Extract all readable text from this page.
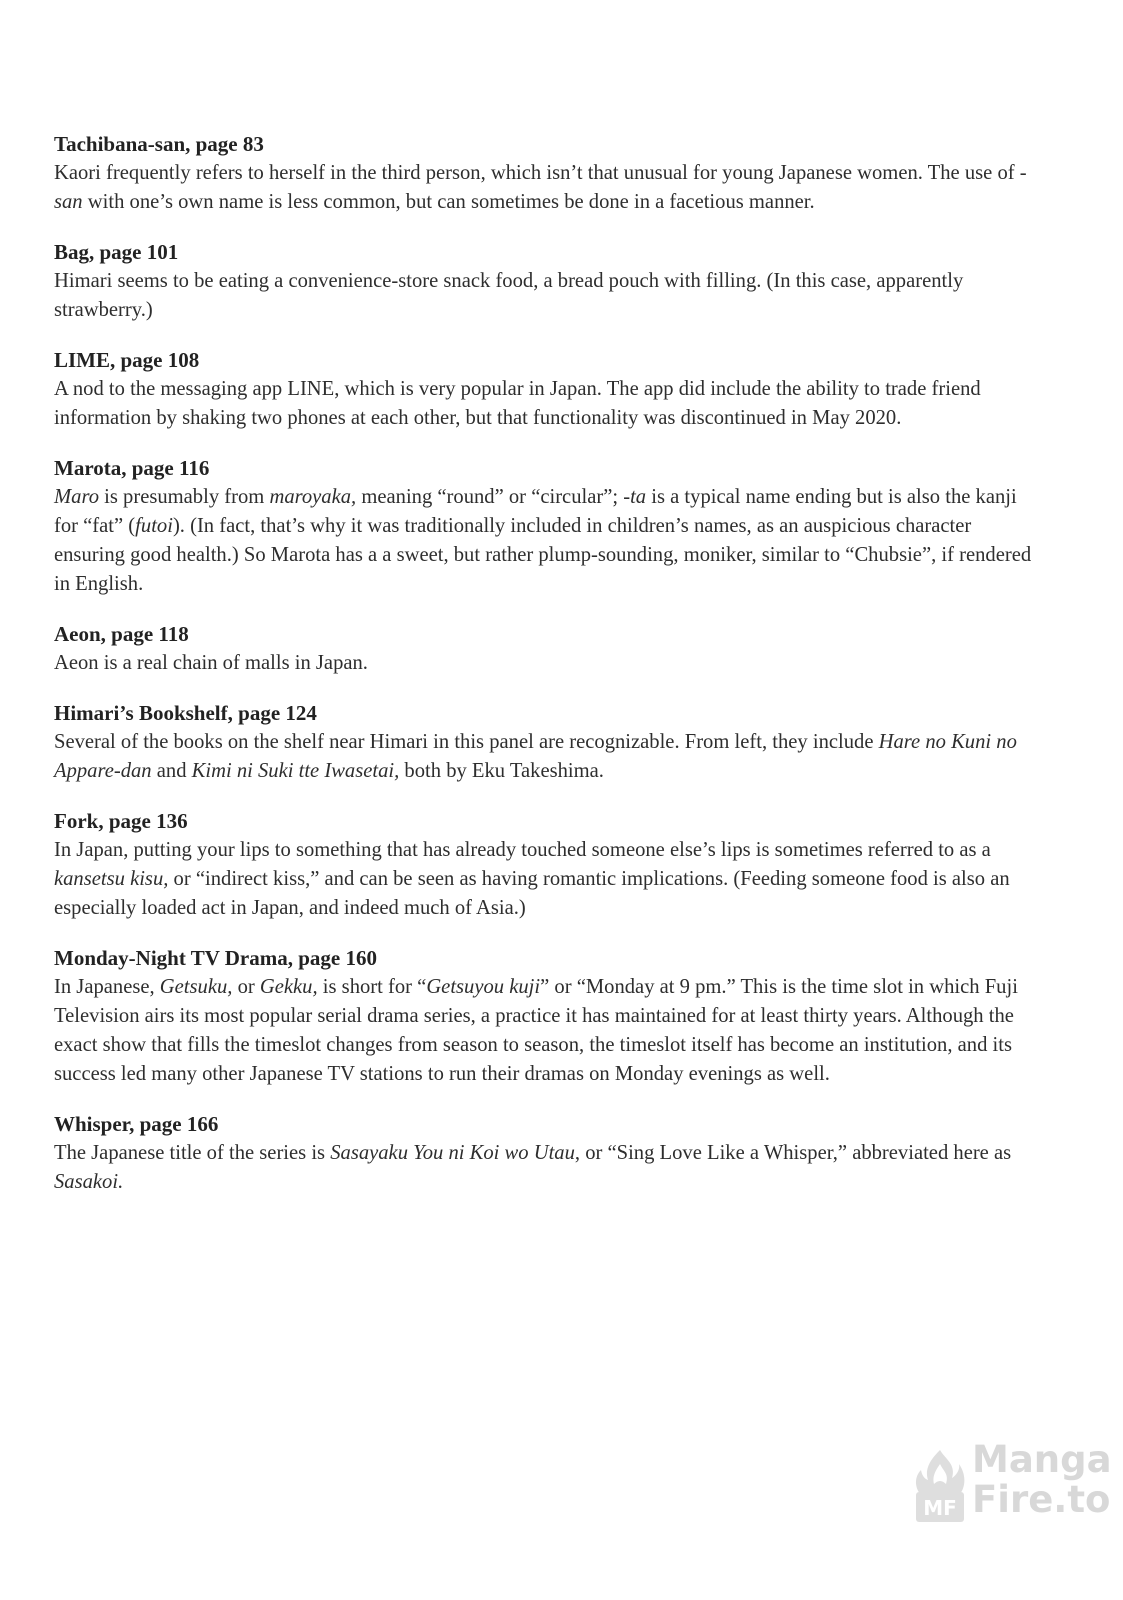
Tachibana-san, page 83

Kaori frequently refers to herself in the third person, which isn’t that unusual for young Japanese women. The use of -san with one’s own name is less common, but can sometimes be done in a facetious manner.

Bag, page 101

Himari seems to be eating a convenience-store snack food, a bread pouch with filling. (In this case, apparently strawberry.)

LIME, page 108

A nod to the messaging app LINE, which is very popular in Japan. The app did include the ability to trade friend information by shaking two phones at each other, but that functionality was discontinued in May 2020.

Marota, page 116

Maro is presumably from maroyaka, meaning “round” or “circular”; -ta is a typical name ending but is also the kanji for “fat” (futoi). (In fact, that’s why it was traditionally included in children’s names, as an auspicious character ensuring good health.) So Marota has a a sweet, but rather plump-sounding, moniker, similar to “Chubsie”, if rendered in English.

Aeon, page 118

Aeon is a real chain of malls in Japan.

Himari’s Bookshelf, page 124

Several of the books on the shelf near Himari in this panel are recognizable. From left, they include Hare no Kuni no Appare-dan and Kimi ni Suki tte Iwasetai, both by Eku Takeshima.

Fork, page 136

In Japan, putting your lips to something that has already touched someone else’s lips is sometimes referred to as a kansetsu kisu, or “indirect kiss,” and can be seen as having romantic implications. (Feeding someone food is also an especially loaded act in Japan, and indeed much of Asia.)

Monday-Night TV Drama, page 160

In Japanese, Getsuku, or Gekku, is short for “Getsuyou kuji” or “Monday at 9 pm.” This is the time slot in which Fuji Television airs its most popular serial drama series, a practice it has maintained for at least thirty years. Although the exact show that fills the timeslot changes from season to season, the timeslot itself has become an institution, and its success led many other Japanese TV stations to run their dramas on Monday evenings as well.

Whisper, page 166

The Japanese title of the series is Sasayaku You ni Koi wo Utau, or “Sing Love Like a Whisper,” abbreviated here as Sasakoi.

MF
Manga
Fire.to
